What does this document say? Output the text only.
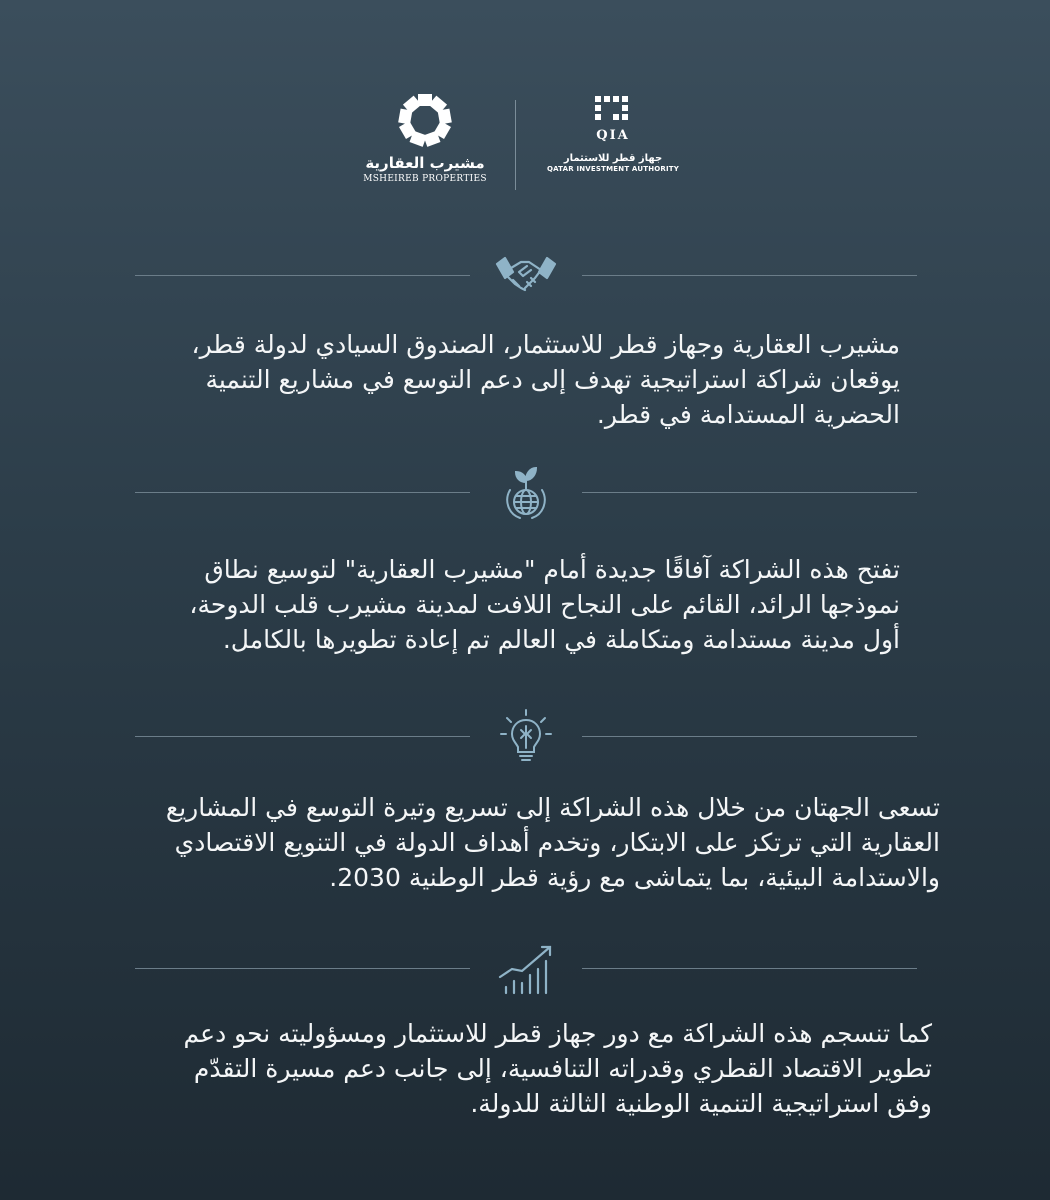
مشيرب العقارية
MSHEIREB PROPERTIES
QIA
جهاز قطر للاستثمار
QATAR INVESTMENT AUTHORITY
مشيرب العقارية وجهاز قطر للاستثمار، الصندوق السيادي لدولة قطر،
يوقعان شراكة استراتيجية تهدف إلى دعم التوسع في مشاريع التنمية
الحضرية المستدامة في قطر.
تفتح هذه الشراكة آفاقًا جديدة أمام "مشيرب العقارية" لتوسيع نطاق
نموذجها الرائد، القائم على النجاح اللافت لمدينة مشيرب قلب الدوحة،
أول مدينة مستدامة ومتكاملة في العالم تم إعادة تطويرها بالكامل.
تسعى الجهتان من خلال هذه الشراكة إلى تسريع وتيرة التوسع في المشاريع
العقارية التي ترتكز على الابتكار، وتخدم أهداف الدولة في التنويع الاقتصادي
والاستدامة البيئية، بما يتماشى مع رؤية قطر الوطنية 2030.
كما تنسجم هذه الشراكة مع دور جهاز قطر للاستثمار ومسؤوليته نحو دعم
تطوير الاقتصاد القطري وقدراته التنافسية، إلى جانب دعم مسيرة التقدّم
وفق استراتيجية التنمية الوطنية الثالثة للدولة.
